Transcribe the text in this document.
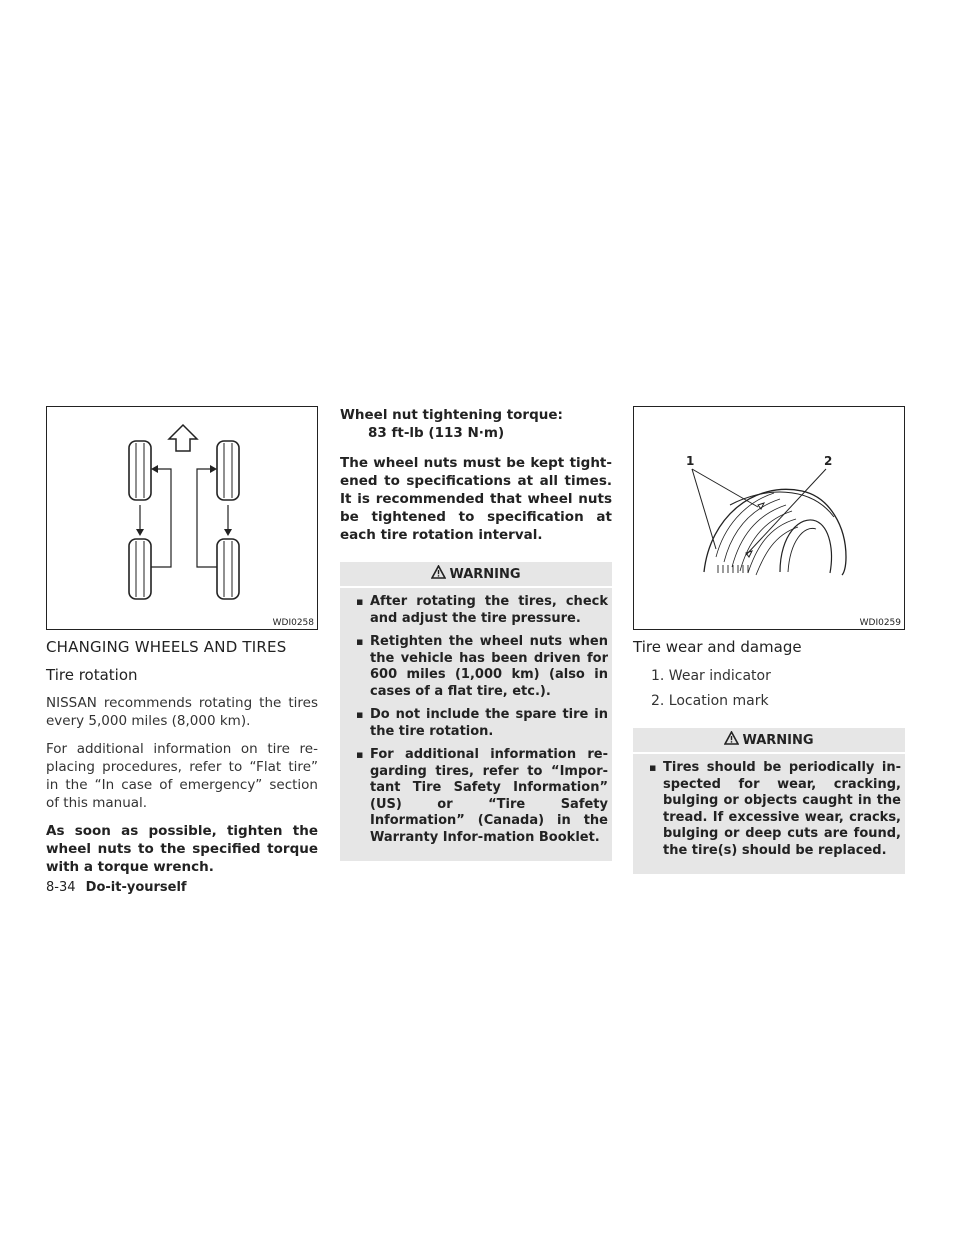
WDI0258
CHANGING WHEELS AND TIRES
Tire rotation

NISSAN recommends rotating the tires every 5,000 miles (8,000 km).

For additional information on tire re-placing procedures, refer to “Flat tire” in the “In case of emergency” section of this manual.

As soon as possible, tighten the wheel nuts to the specified torque with a torque wrench.

Wheel nut tightening torque:

83 ft-lb (113 N·m)

The wheel nuts must be kept tight-ened to specifications at all times. It is recommended that wheel nuts be tightened to specification at each tire rotation interval.

WARNING
▪ After rotating the tires, check and adjust the tire pressure.
▪ Retighten the wheel nuts when the vehicle has been driven for 600 miles (1,000 km) (also in cases of a flat tire, etc.).
▪ Do not include the spare tire in the tire rotation.
▪ For additional information re-garding tires, refer to “Impor-tant Tire Safety Information” (US) or “Tire Safety Information” (Canada) in the Warranty Infor-mation Booklet.
1	2
WDI0259
Tire wear and damage
1. Wear indicator
2. Location mark
WARNING
▪ Tires should be periodically in-spected for wear, cracking, bulging or objects caught in the tread. If excessive wear, cracks, bulging or deep cuts are found, the tire(s) should be replaced.
8-34 Do-it-yourself
